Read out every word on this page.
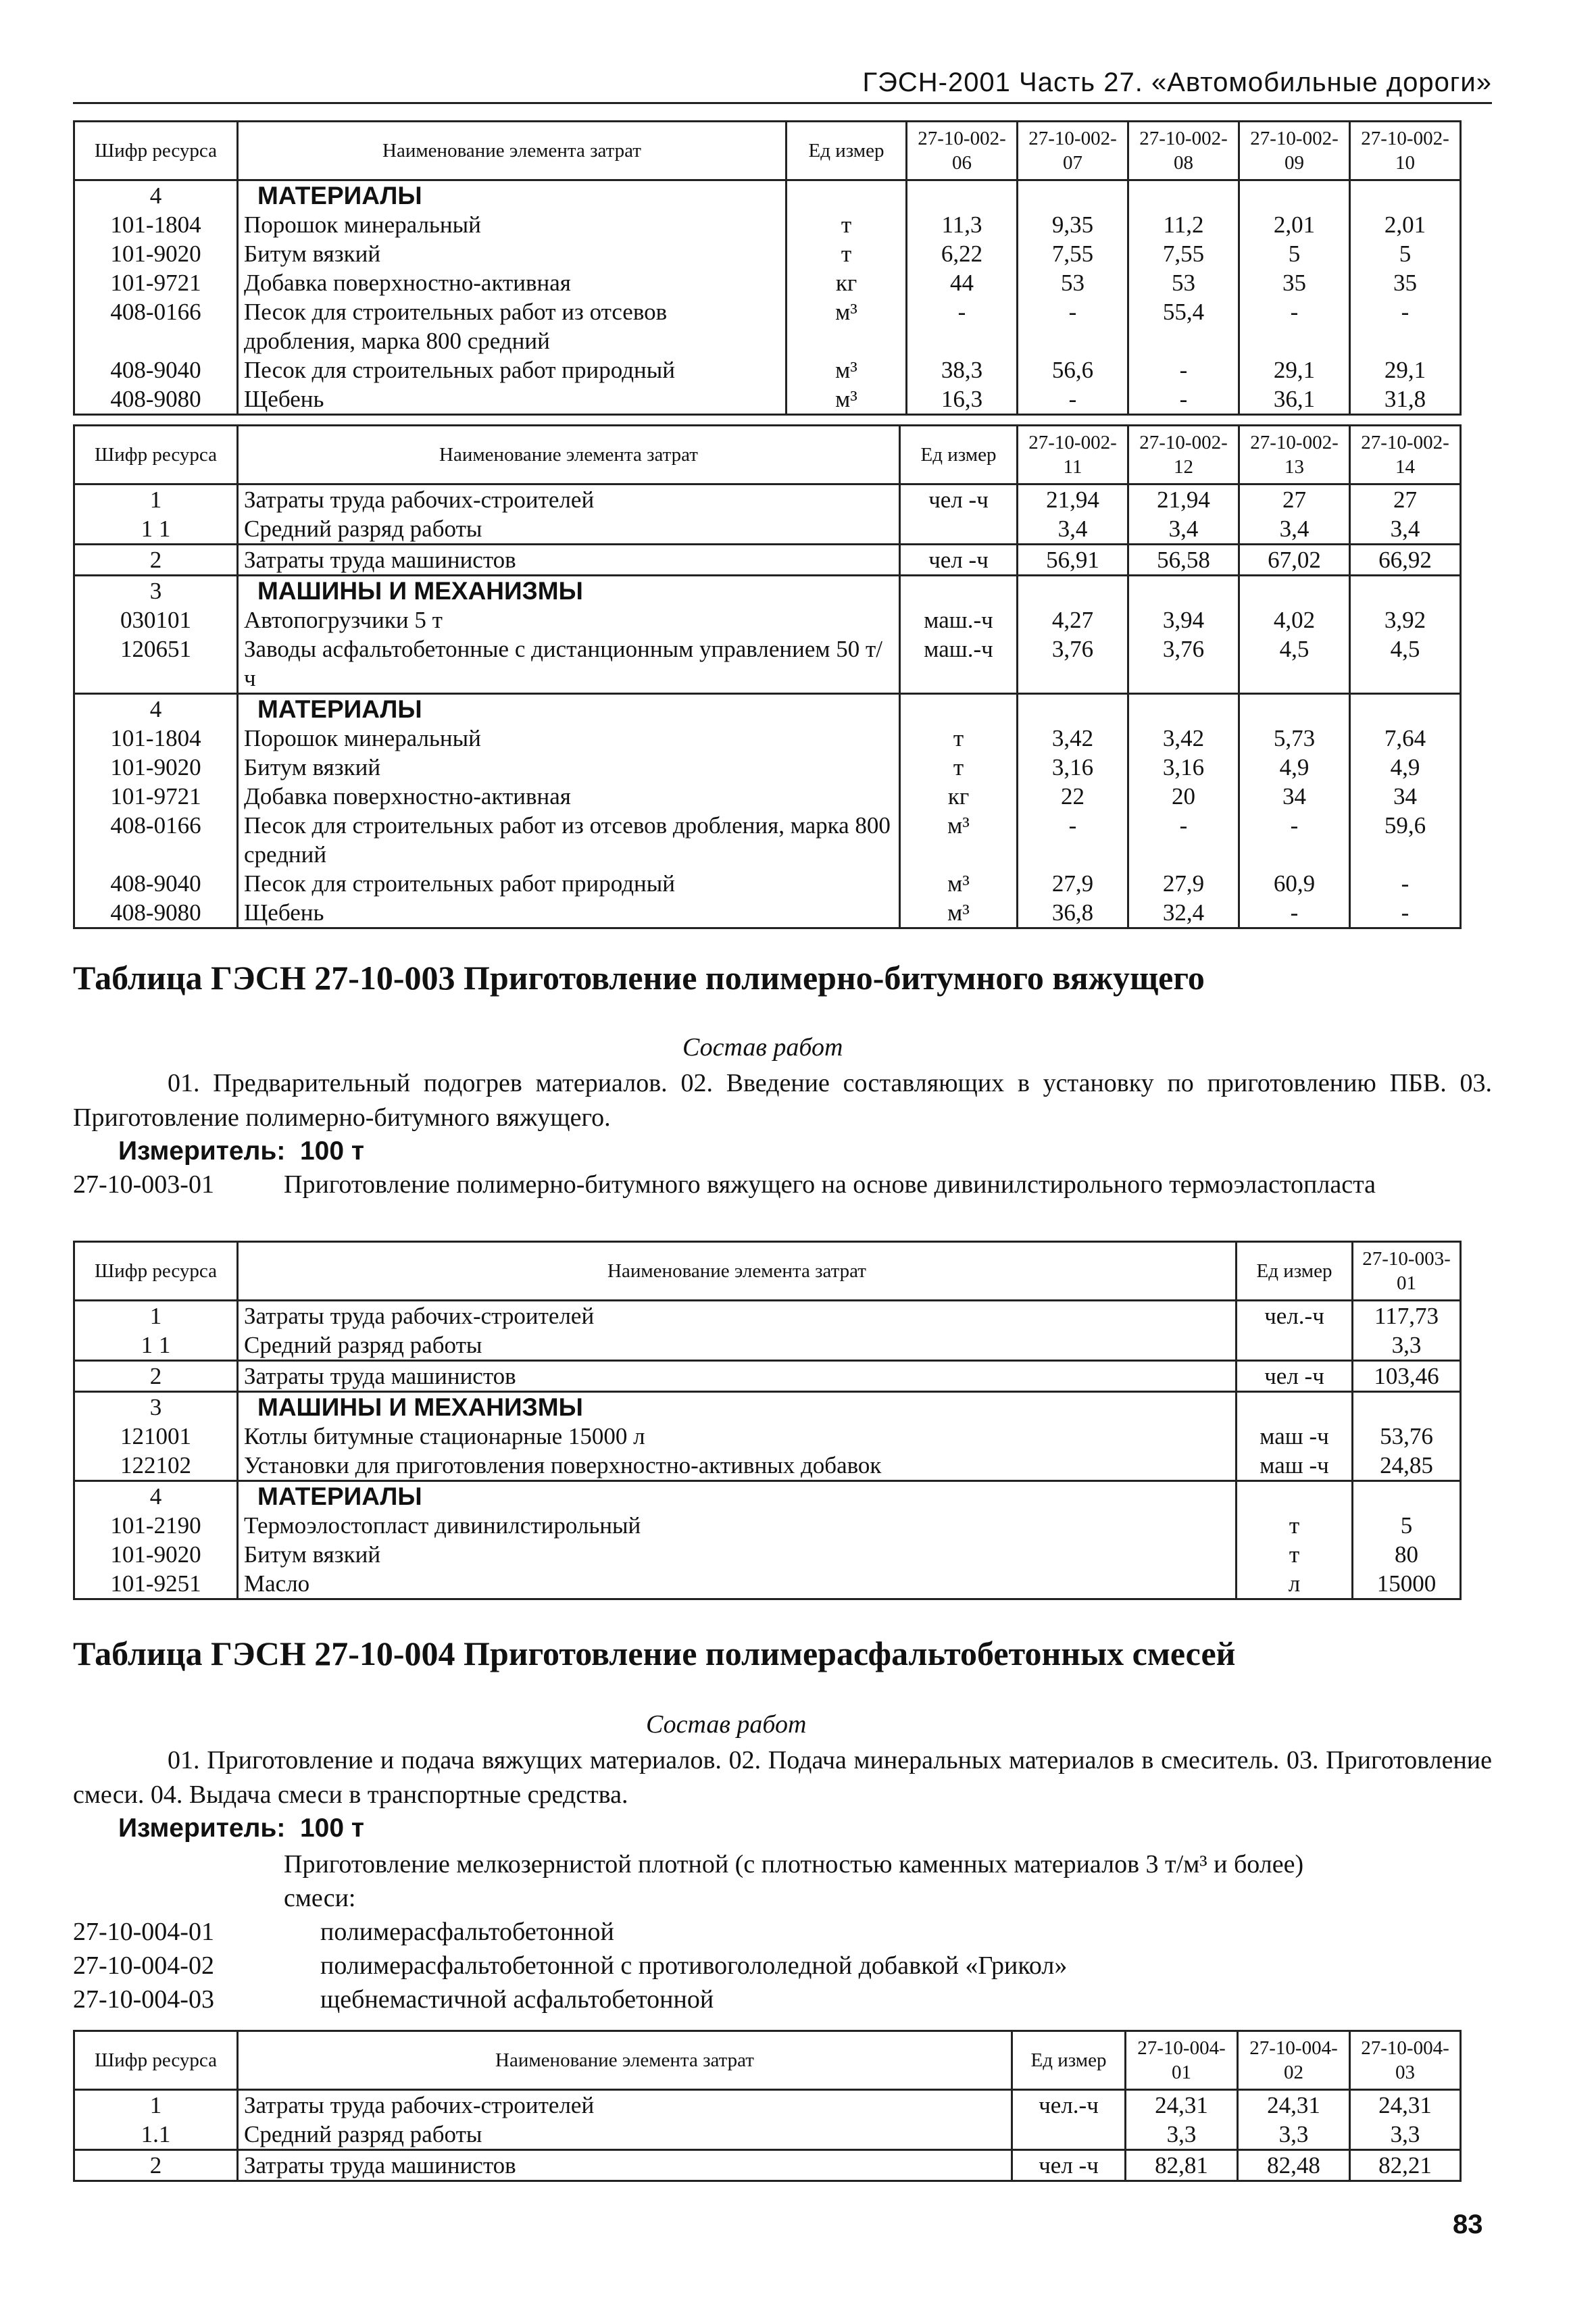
ГЭСН-2001 Часть 27. «Автомобильные дороги»
Шифр ресурса	Наименование элемента затрат	Ед измер	27-10-002-06	27-10-002-07	27-10-002-08	27-10-002-09	27-10-002-10
4	МАТЕРИАЛЫ						
101-1804	Порошок минеральный	т	11,3	9,35	11,2	2,01	2,01
101-9020	Битум вязкий	т	6,22	7,55	7,55	5	5
101-9721	Добавка поверхностно-активная	кг	44	53	53	35	35
408-0166	Песок для строительных работ из отсевов дробления, марка 800 средний	м³	-	-	55,4	-	-
408-9040	Песок для строительных работ природный	м³	38,3	56,6	-	29,1	29,1
408-9080	Щебень	м³	16,3	-	-	36,1	31,8
Шифр ресурса	Наименование элемента затрат	Ед измер	27-10-002-11	27-10-002-12	27-10-002-13	27-10-002-14
1	Затраты труда рабочих-строителей	чел -ч	21,94	21,94	27	27
1 1	Средний разряд работы		3,4	3,4	3,4	3,4
2	Затраты труда машинистов	чел -ч	56,91	56,58	67,02	66,92
3	МАШИНЫ И МЕХАНИЗМЫ					
030101	Автопогрузчики 5 т	маш.-ч	4,27	3,94	4,02	3,92
120651	Заводы асфальтобетонные с дистанционным управлением 50 т/ч	маш.-ч	3,76	3,76	4,5	4,5
4	МАТЕРИАЛЫ					
101-1804	Порошок минеральный	т	3,42	3,42	5,73	7,64
101-9020	Битум вязкий	т	3,16	3,16	4,9	4,9
101-9721	Добавка поверхностно-активная	кг	22	20	34	34
408-0166	Песок для строительных работ из отсевов дробления, марка 800 средний	м³	-	-	-	59,6
408-9040	Песок для строительных работ природный	м³	27,9	27,9	60,9	-
408-9080	Щебень	м³	36,8	32,4	-	-
Таблица ГЭСН 27-10-003 Приготовление полимерно-битумного вяжущего
Состав работ
01. Предварительный подогрев материалов. 02. Введение составляющих в установку по приготовлению ПБВ. 03. Приготовление полимерно-битумного вяжущего.
Измеритель: 100 т
27-10-003-01	Приготовление полимерно-битумного вяжущего на основе дивинилстирольного термоэластопласта
Шифр ресурса	Наименование элемента затрат	Ед измер	27-10-003-01
1	Затраты труда рабочих-строителей	чел.-ч	117,73
1 1	Средний разряд работы		3,3
2	Затраты труда машинистов	чел -ч	103,46
3	МАШИНЫ И МЕХАНИЗМЫ		
121001	Котлы битумные стационарные 15000 л	маш -ч	53,76
122102	Установки для приготовления поверхностно-активных добавок	маш -ч	24,85
4	МАТЕРИАЛЫ		
101-2190	Термоэлостопласт дивинилстирольный	т	5
101-9020	Битум вязкий	т	80
101-9251	Масло	л	15000
Таблица ГЭСН 27-10-004 Приготовление полимерасфальтобетонных смесей
Состав работ
01. Приготовление и подача вяжущих материалов. 02. Подача минеральных материалов в смеситель. 03. Приготовление смеси. 04. Выдача смеси в транспортные средства.
Измеритель: 100 т
Приготовление мелкозернистой плотной (с плотностью каменных материалов 3 т/м³ и более)
смеси:
27-10-004-01	полимерасфальтобетонной
27-10-004-02	полимерасфальтобетонной с противогололедной добавкой «Грикол»
27-10-004-03	щебнемастичной асфальтобетонной
Шифр ресурса	Наименование элемента затрат	Ед измер	27-10-004-01	27-10-004-02	27-10-004-03
1	Затраты труда рабочих-строителей	чел.-ч	24,31	24,31	24,31
1.1	Средний разряд работы		3,3	3,3	3,3
2	Затраты труда машинистов	чел -ч	82,81	82,48	82,21
83
